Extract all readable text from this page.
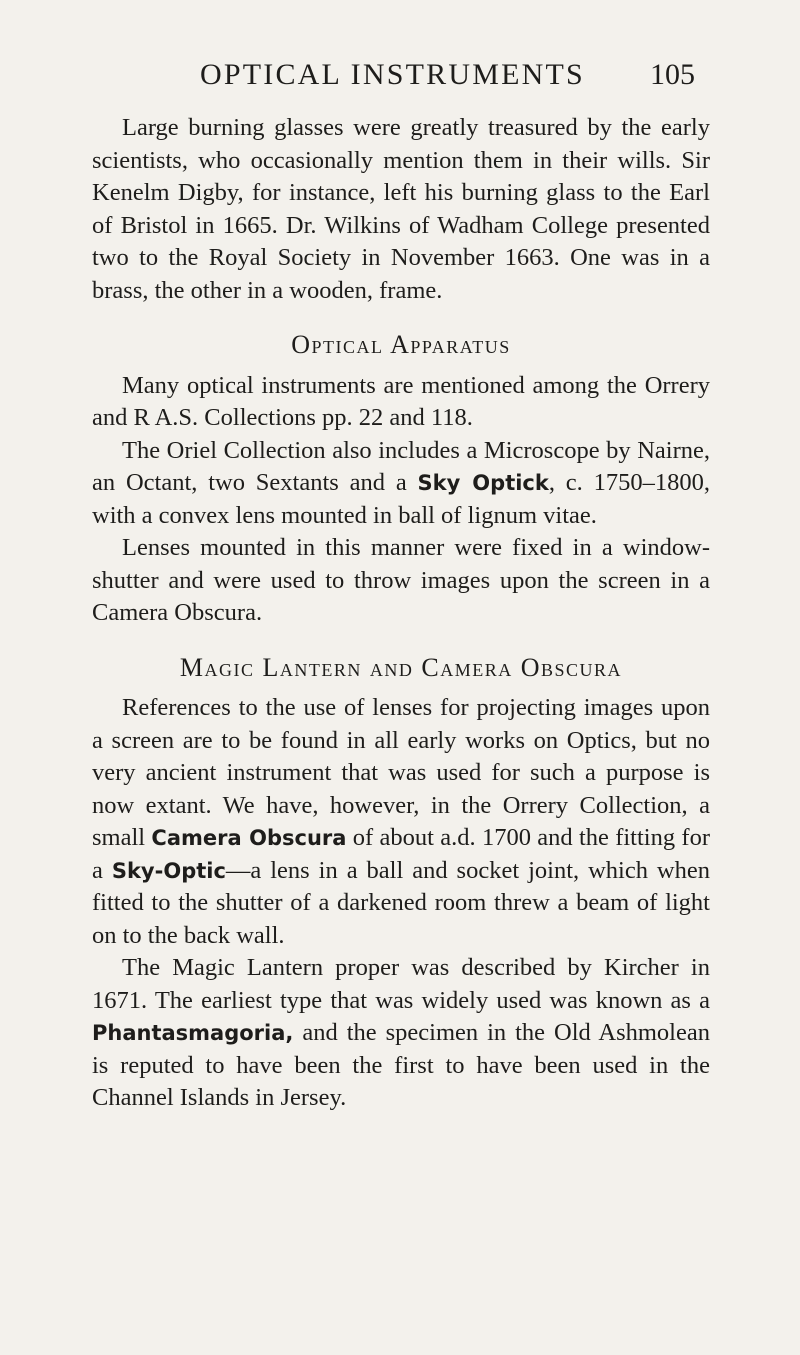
OPTICAL INSTRUMENTS 105

Large burning glasses were greatly treasured by the early scientists, who occasionally mention them in their wills. Sir Kenelm Digby, for instance, left his burning glass to the Earl of Bristol in 1665. Dr. Wilkins of Wadham College presented two to the Royal Society in November 1663. One was in a brass, the other in a wooden, frame.

Optical Apparatus

Many optical instruments are mentioned among the Orrery and R A.S. Collections pp. 22 and 118.

The Oriel Collection also includes a Microscope by Nairne, an Octant, two Sextants and a Sky Optick, c. 1750–1800, with a convex lens mounted in ball of lignum vitae.

Lenses mounted in this manner were fixed in a window-shutter and were used to throw images upon the screen in a Camera Obscura.

Magic Lantern and Camera Obscura

References to the use of lenses for projecting images upon a screen are to be found in all early works on Optics, but no very ancient instrument that was used for such a purpose is now extant. We have, however, in the Orrery Collection, a small Camera Obscura of about a.d. 1700 and the fitting for a Sky-Optic—a lens in a ball and socket joint, which when fitted to the shutter of a darkened room threw a beam of light on to the back wall.

The Magic Lantern proper was described by Kircher in 1671. The earliest type that was widely used was known as a Phantasmagoria, and the specimen in the Old Ashmolean is reputed to have been the first to have been used in the Channel Islands in Jersey.
